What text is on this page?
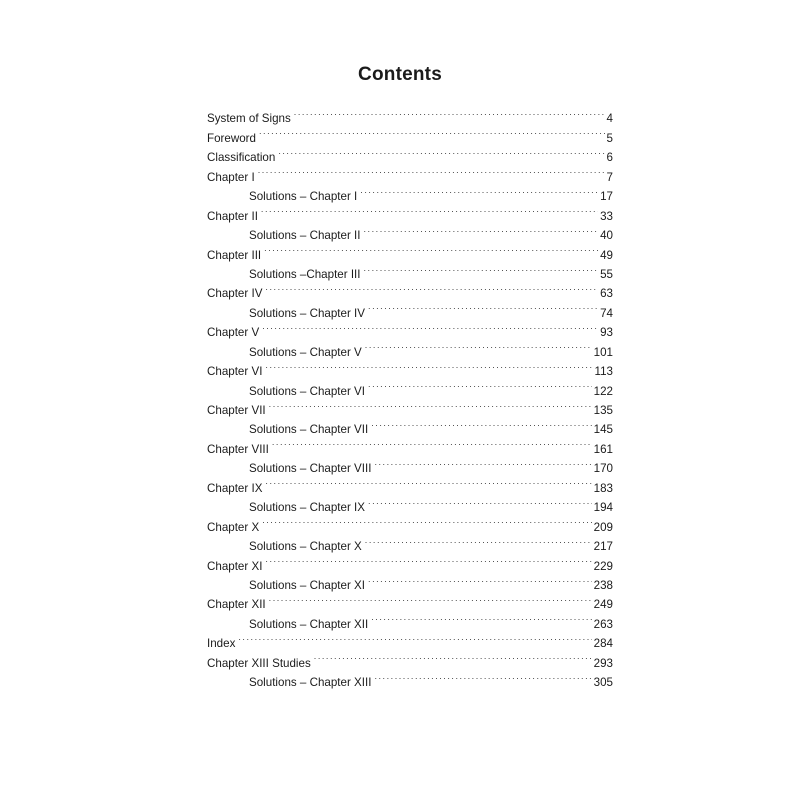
Contents
System of Signs .....	4
Foreword .....	5
Classification .....	6
Chapter I .....	7
Solutions – Chapter I .....	17
Chapter II .....	33
Solutions – Chapter II .....	40
Chapter III .....	49
Solutions –Chapter III .....	55
Chapter IV .....	63
Solutions – Chapter IV .....	74
Chapter V .....	93
Solutions – Chapter V .....	101
Chapter VI .....	113
Solutions – Chapter VI .....	122
Chapter VII .....	135
Solutions – Chapter VII .....	145
Chapter VIII .....	161
Solutions – Chapter VIII .....	170
Chapter IX .....	183
Solutions – Chapter IX .....	194
Chapter X .....	209
Solutions – Chapter X .....	217
Chapter XI .....	229
Solutions – Chapter XI .....	238
Chapter XII .....	249
Solutions – Chapter XII .....	263
Index .....	284
Chapter XIII Studies .....	293
Solutions – Chapter XIII .....	305
